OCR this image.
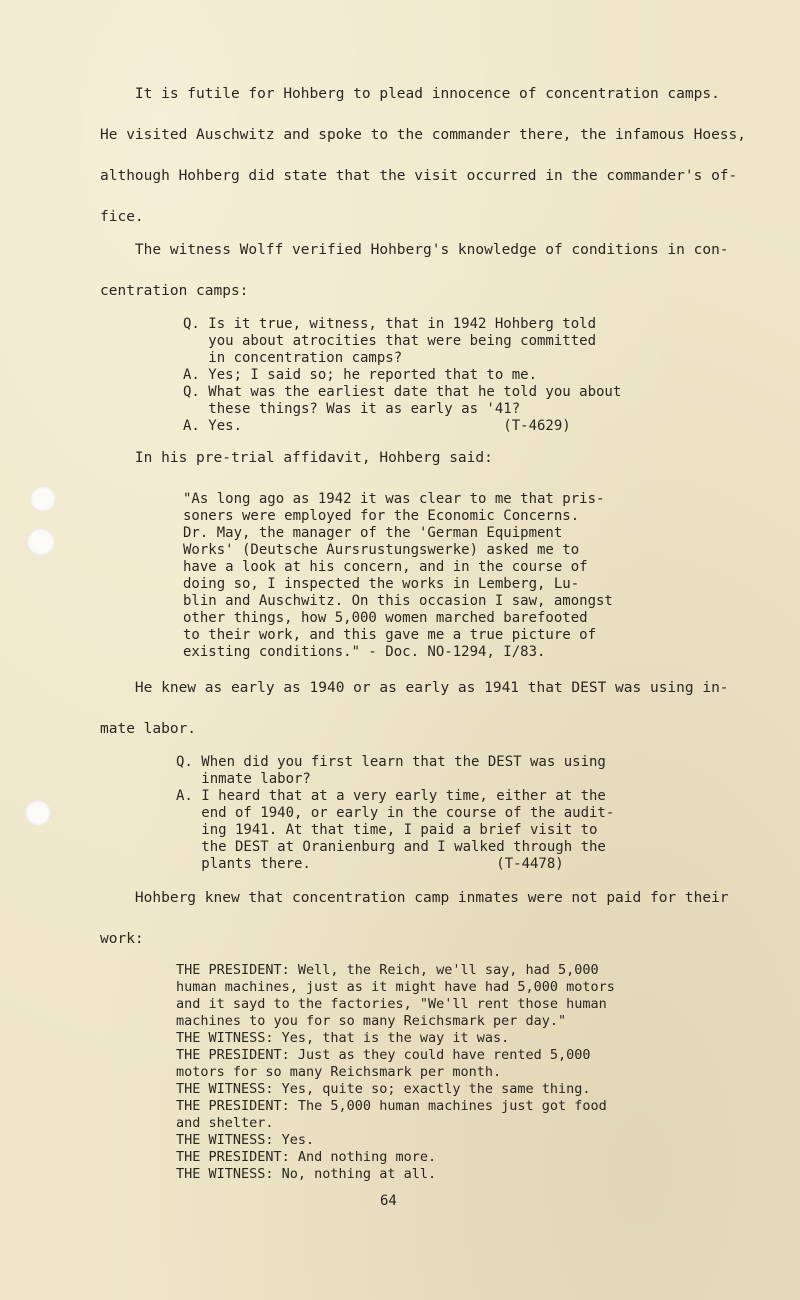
It is futile for Hohberg to plead innocence of concentration camps.
He visited Auschwitz and spoke to the commander there, the infamous Hoess,
although Hohberg did state that the visit occurred in the commander's of-
fice.
The witness Wolff verified Hohberg's knowledge of conditions in con-
centration camps:
Q. Is it true, witness, that in 1942 Hohberg told
you about atrocities that were being committed
in concentration camps?
A. Yes; I said so; he reported that to me.
Q. What was the earliest date that he told you about
these things? Was it as early as '41?
A. Yes.                               (T-4629)
In his pre-trial affidavit, Hohberg said:
"As long ago as 1942 it was clear to me that pris-
soners were employed for the Economic Concerns.
Dr. May, the manager of the 'German Equipment
Works' (Deutsche Aursrustungswerke) asked me to
have a look at his concern, and in the course of
doing so, I inspected the works in Lemberg, Lu-
blin and Auschwitz. On this occasion I saw, amongst
other things, how 5,000 women marched barefooted
to their work, and this gave me a true picture of
existing conditions." - Doc. NO-1294, I/83.
He knew as early as 1940 or as early as 1941 that DEST was using in-
mate labor.
Q. When did you first learn that the DEST was using
inmate labor?
A. I heard that at a very early time, either at the
end of 1940, or early in the course of the audit-
ing 1941. At that time, I paid a brief visit to
the DEST at Oranienburg and I walked through the
plants there.                      (T-4478)
Hohberg knew that concentration camp inmates were not paid for their
work:
THE PRESIDENT: Well, the Reich, we'll say, had 5,000
human machines, just as it might have had 5,000 motors
and it sayd to the factories, "We'll rent those human
machines to you for so many Reichsmark per day."
THE WITNESS: Yes, that is the way it was.
THE PRESIDENT: Just as they could have rented 5,000
motors for so many Reichsmark per month.
THE WITNESS: Yes, quite so; exactly the same thing.
THE PRESIDENT: The 5,000 human machines just got food
and shelter.
THE WITNESS: Yes.
THE PRESIDENT: And nothing more.
THE WITNESS: No, nothing at all.
64
